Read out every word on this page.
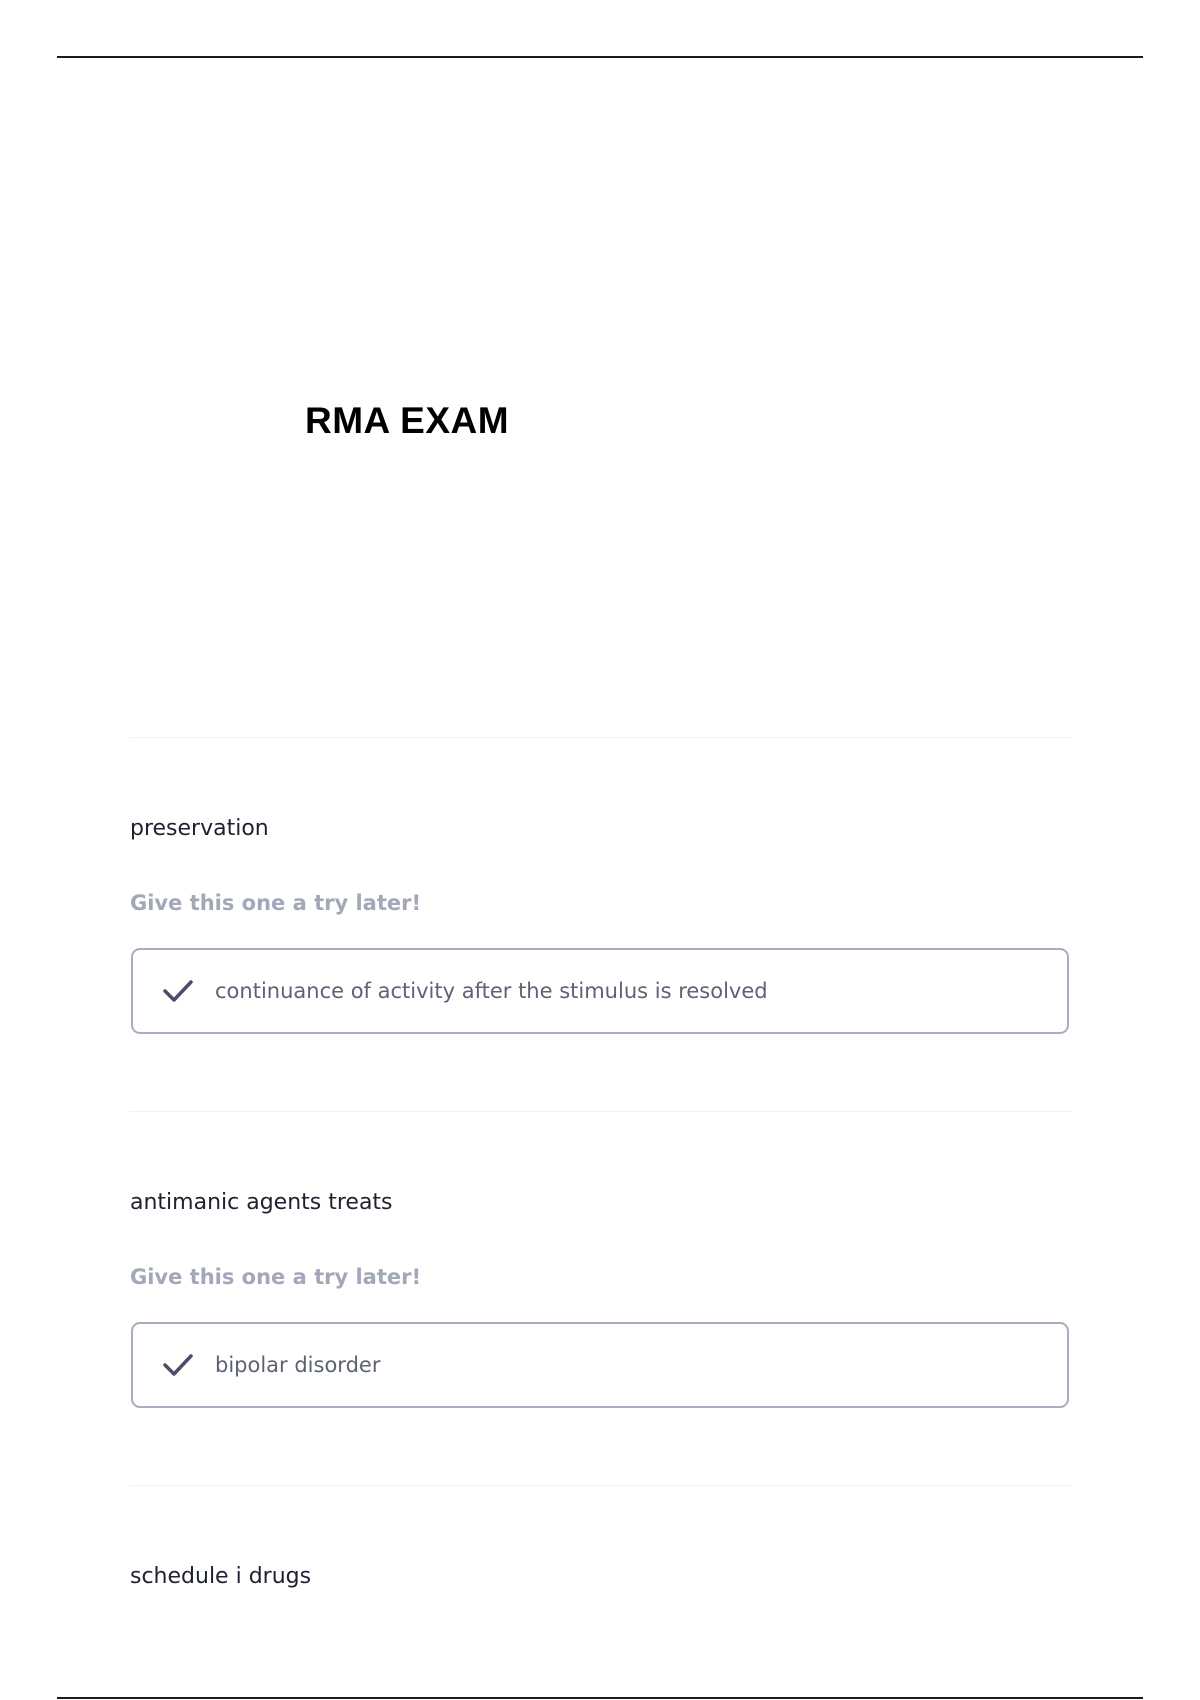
RMA EXAM
preservation
Give this one a try later!
continuance of activity after the stimulus is resolved
antimanic agents treats
Give this one a try later!
bipolar disorder
schedule i drugs
